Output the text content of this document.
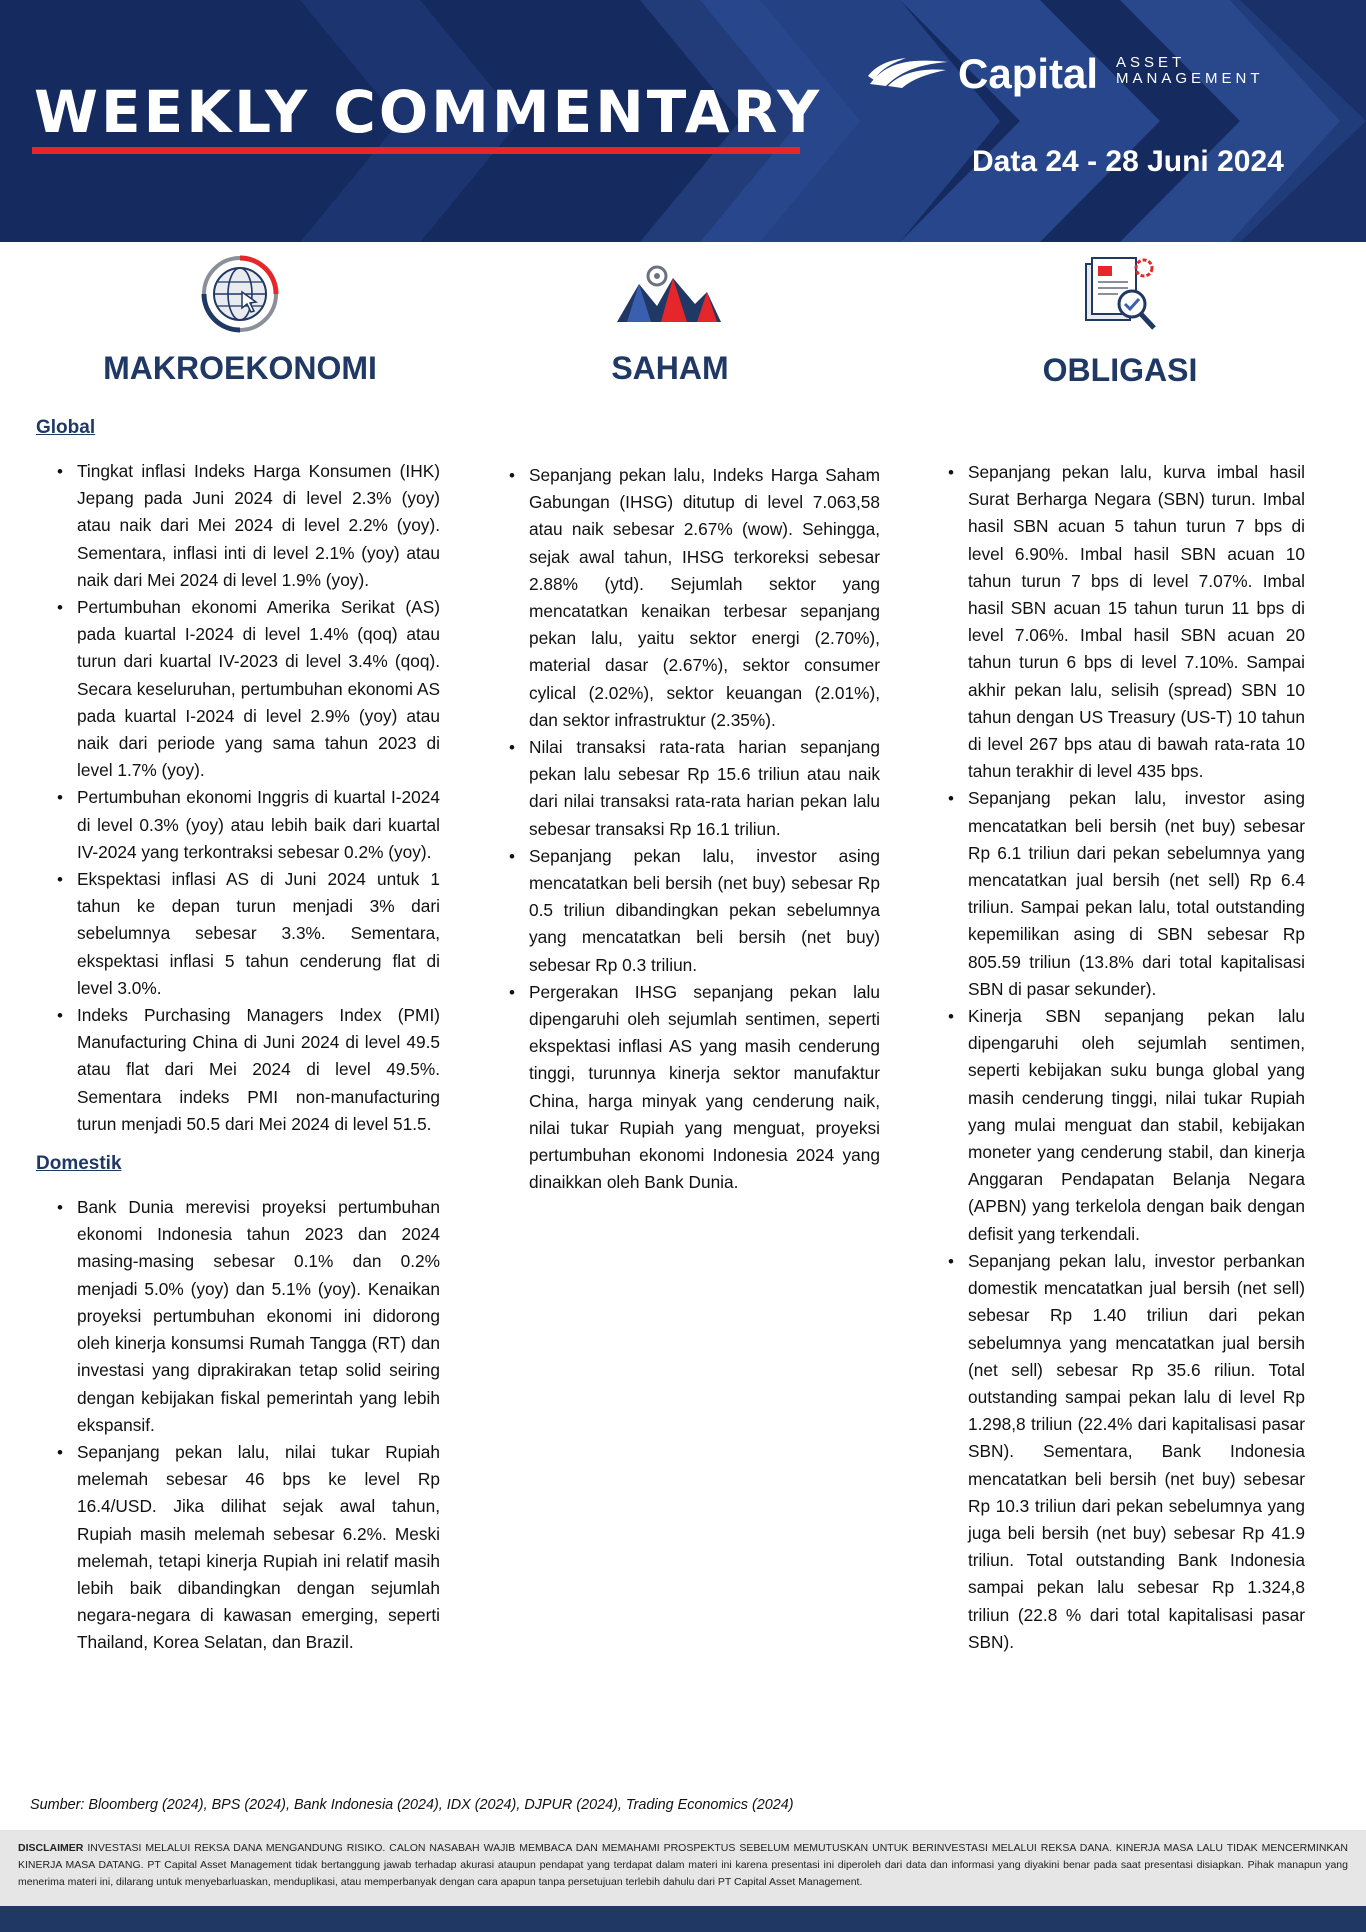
WEEKLY COMMENTARY
Capital ASSET MANAGEMENT
Data 24 - 28 Juni 2024
MAKROEKONOMI	SAHAM	OBLIGASI
Global
• Tingkat inflasi Indeks Harga Konsumen (IHK) Jepang pada Juni 2024 di level 2.3% (yoy) atau naik dari Mei 2024 di level 2.2% (yoy). Sementara, inflasi inti di level 2.1% (yoy) atau naik dari Mei 2024 di level 1.9% (yoy).
• Pertumbuhan ekonomi Amerika Serikat (AS) pada kuartal I-2024 di level 1.4% (qoq) atau turun dari kuartal IV-2023 di level 3.4% (qoq). Secara keseluruhan, pertumbuhan ekonomi AS pada kuartal I-2024 di level 2.9% (yoy) atau naik dari periode yang sama tahun 2023 di level 1.7% (yoy).
• Pertumbuhan ekonomi Inggris di kuartal I-2024 di level 0.3% (yoy) atau lebih baik dari kuartal IV-2024 yang terkontraksi sebesar 0.2% (yoy).
• Ekspektasi inflasi AS di Juni 2024 untuk 1 tahun ke depan turun menjadi 3% dari sebelumnya sebesar 3.3%. Sementara, ekspektasi inflasi 5 tahun cenderung flat di level 3.0%.
• Indeks Purchasing Managers Index (PMI) Manufacturing China di Juni 2024 di level 49.5 atau flat dari Mei 2024 di level 49.5%. Sementara indeks PMI non-manufacturing turun menjadi 50.5 dari Mei 2024 di level 51.5.
Domestik
• Bank Dunia merevisi proyeksi pertumbuhan ekonomi Indonesia tahun 2023 dan 2024 masing-masing sebesar 0.1% dan 0.2% menjadi 5.0% (yoy) dan 5.1% (yoy). Kenaikan proyeksi pertumbuhan ekonomi ini didorong oleh kinerja konsumsi Rumah Tangga (RT) dan investasi yang diprakirakan tetap solid seiring dengan kebijakan fiskal pemerintah yang lebih ekspansif.
• Sepanjang pekan lalu, nilai tukar Rupiah melemah sebesar 46 bps ke level Rp 16.4/USD. Jika dilihat sejak awal tahun, Rupiah masih melemah sebesar 6.2%. Meski melemah, tetapi kinerja Rupiah ini relatif masih lebih baik dibandingkan dengan sejumlah negara-negara di kawasan emerging, seperti Thailand, Korea Selatan, dan Brazil.
• Sepanjang pekan lalu, Indeks Harga Saham Gabungan (IHSG) ditutup di level 7.063,58 atau naik sebesar 2.67% (wow). Sehingga, sejak awal tahun, IHSG terkoreksi sebesar 2.88% (ytd). Sejumlah sektor yang mencatatkan kenaikan terbesar sepanjang pekan lalu, yaitu sektor energi (2.70%), material dasar (2.67%), sektor consumer cylical (2.02%), sektor keuangan (2.01%), dan sektor infrastruktur (2.35%).
• Nilai transaksi rata-rata harian sepanjang pekan lalu sebesar Rp 15.6 triliun atau naik dari nilai transaksi rata-rata harian pekan lalu sebesar transaksi Rp 16.1 triliun.
• Sepanjang pekan lalu, investor asing mencatatkan beli bersih (net buy) sebesar Rp 0.5 triliun dibandingkan pekan sebelumnya yang mencatatkan beli bersih (net buy) sebesar Rp 0.3 triliun.
• Pergerakan IHSG sepanjang pekan lalu dipengaruhi oleh sejumlah sentimen, seperti ekspektasi inflasi AS yang masih cenderung tinggi, turunnya kinerja sektor manufaktur China, harga minyak yang cenderung naik, nilai tukar Rupiah yang menguat, proyeksi pertumbuhan ekonomi Indonesia 2024 yang dinaikkan oleh Bank Dunia.
• Sepanjang pekan lalu, kurva imbal hasil Surat Berharga Negara (SBN) turun. Imbal hasil SBN acuan 5 tahun turun 7 bps di level 6.90%. Imbal hasil SBN acuan 10 tahun turun 7 bps di level 7.07%. Imbal hasil SBN acuan 15 tahun turun 11 bps di level 7.06%. Imbal hasil SBN acuan 20 tahun turun 6 bps di level 7.10%. Sampai akhir pekan lalu, selisih (spread) SBN 10 tahun dengan US Treasury (US-T) 10 tahun di level 267 bps atau di bawah rata-rata 10 tahun terakhir di level 435 bps.
• Sepanjang pekan lalu, investor asing mencatatkan beli bersih (net buy) sebesar Rp 6.1 triliun dari pekan sebelumnya yang mencatatkan jual bersih (net sell) Rp 6.4 triliun. Sampai pekan lalu, total outstanding kepemilikan asing di SBN sebesar Rp 805.59 triliun (13.8% dari total kapitalisasi SBN di pasar sekunder).
• Kinerja SBN sepanjang pekan lalu dipengaruhi oleh sejumlah sentimen, seperti kebijakan suku bunga global yang masih cenderung tinggi, nilai tukar Rupiah yang mulai menguat dan stabil, kebijakan moneter yang cenderung stabil, dan kinerja Anggaran Pendapatan Belanja Negara (APBN) yang terkelola dengan baik dengan defisit yang terkendali.
• Sepanjang pekan lalu, investor perbankan domestik mencatatkan jual bersih (net sell) sebesar Rp 1.40 triliun dari pekan sebelumnya yang mencatatkan jual bersih (net sell) sebesar Rp 35.6 riliun. Total outstanding sampai pekan lalu di level Rp 1.298,8 triliun (22.4% dari kapitalisasi pasar SBN). Sementara, Bank Indonesia mencatatkan beli bersih (net buy) sebesar Rp 10.3 triliun dari pekan sebelumnya yang juga beli bersih (net buy) sebesar Rp 41.9 triliun. Total outstanding Bank Indonesia sampai pekan lalu sebesar Rp 1.324,8 triliun (22.8 % dari total kapitalisasi pasar SBN).
Sumber: Bloomberg (2024), BPS (2024), Bank Indonesia (2024), IDX (2024), DJPUR (2024), Trading Economics (2024)
DISCLAIMER INVESTASI MELALUI REKSA DANA MENGANDUNG RISIKO. CALON NASABAH WAJIB MEMBACA DAN MEMAHAMI PROSPEKTUS SEBELUM MEMUTUSKAN UNTUK BERINVESTASI MELALUI REKSA DANA. KINERJA MASA LALU TIDAK MENCERMINKAN KINERJA MASA DATANG. PT Capital Asset Management tidak bertanggung jawab terhadap akurasi ataupun pendapat yang terdapat dalam materi ini karena presentasi ini diperoleh dari data dan informasi yang diyakini benar pada saat presentasi disiapkan. Pihak manapun yang menerima materi ini, dilarang untuk menyebarluaskan, menduplikasi, atau memperbanyak dengan cara apapun tanpa persetujuan terlebih dahulu dari PT Capital Asset Management.
